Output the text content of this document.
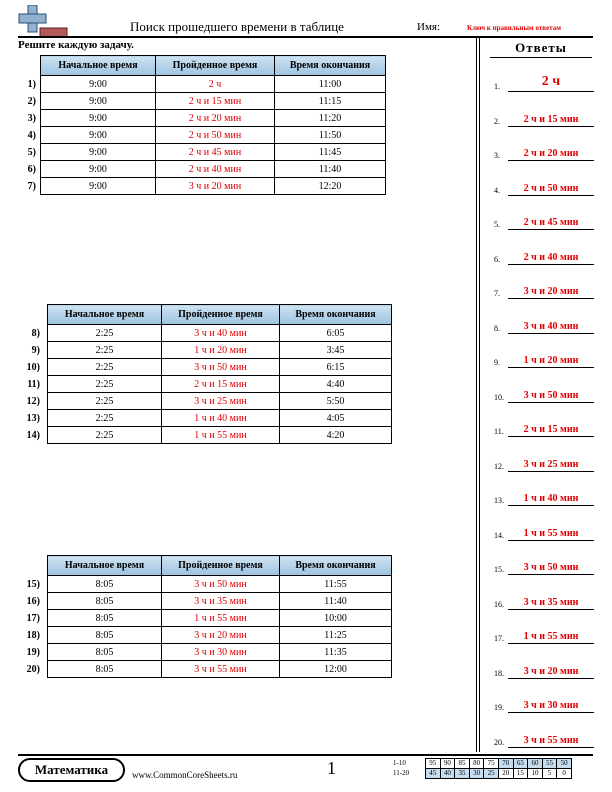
Поиск прошедшего времени в таблице	Имя:	Ключ к правильным ответам
Решите каждую задачу.
1)
2)
3)
4)
5)
6)
7)
Начальное время	Пройденное время	Время окончания
9:00	2 ч	11:00
9:00	2 ч и 15 мин	11:15
9:00	2 ч и 20 мин	11:20
9:00	2 ч и 50 мин	11:50
9:00	2 ч и 45 мин	11:45
9:00	2 ч и 40 мин	11:40
9:00	3 ч и 20 мин	12:20
8)
9)
10)
11)
12)
13)
14)
Начальное время	Пройденное время	Время окончания
2:25	3 ч и 40 мин	6:05
2:25	1 ч и 20 мин	3:45
2:25	3 ч и 50 мин	6:15
2:25	2 ч и 15 мин	4:40
2:25	3 ч и 25 мин	5:50
2:25	1 ч и 40 мин	4:05
2:25	1 ч и 55 мин	4:20
15)
16)
17)
18)
19)
20)
Начальное время	Пройденное время	Время окончания
8:05	3 ч и 50 мин	11:55
8:05	3 ч и 35 мин	11:40
8:05	1 ч и 55 мин	10:00
8:05	3 ч и 20 мин	11:25
8:05	3 ч и 30 мин	11:35
8:05	3 ч и 55 мин	12:00
Ответы
1.	2 ч
2.	2 ч и 15 мин
3.	2 ч и 20 мин
4.	2 ч и 50 мин
5.	2 ч и 45 мин
6.	2 ч и 40 мин
7.	3 ч и 20 мин
8.	3 ч и 40 мин
9.	1 ч и 20 мин
10.	3 ч и 50 мин
11.	2 ч и 15 мин
12.	3 ч и 25 мин
13.	1 ч и 40 мин
14.	1 ч и 55 мин
15.	3 ч и 50 мин
16.	3 ч и 35 мин
17.	1 ч и 55 мин
18.	3 ч и 20 мин
19.	3 ч и 30 мин
20.	3 ч и 55 мин
Математика	www.CommonCoreSheets.ru	1	1-10
11-20
95	90	85	80	75	70	65	60	55	50
45	40	35	30	25	20	15	10	5	0
